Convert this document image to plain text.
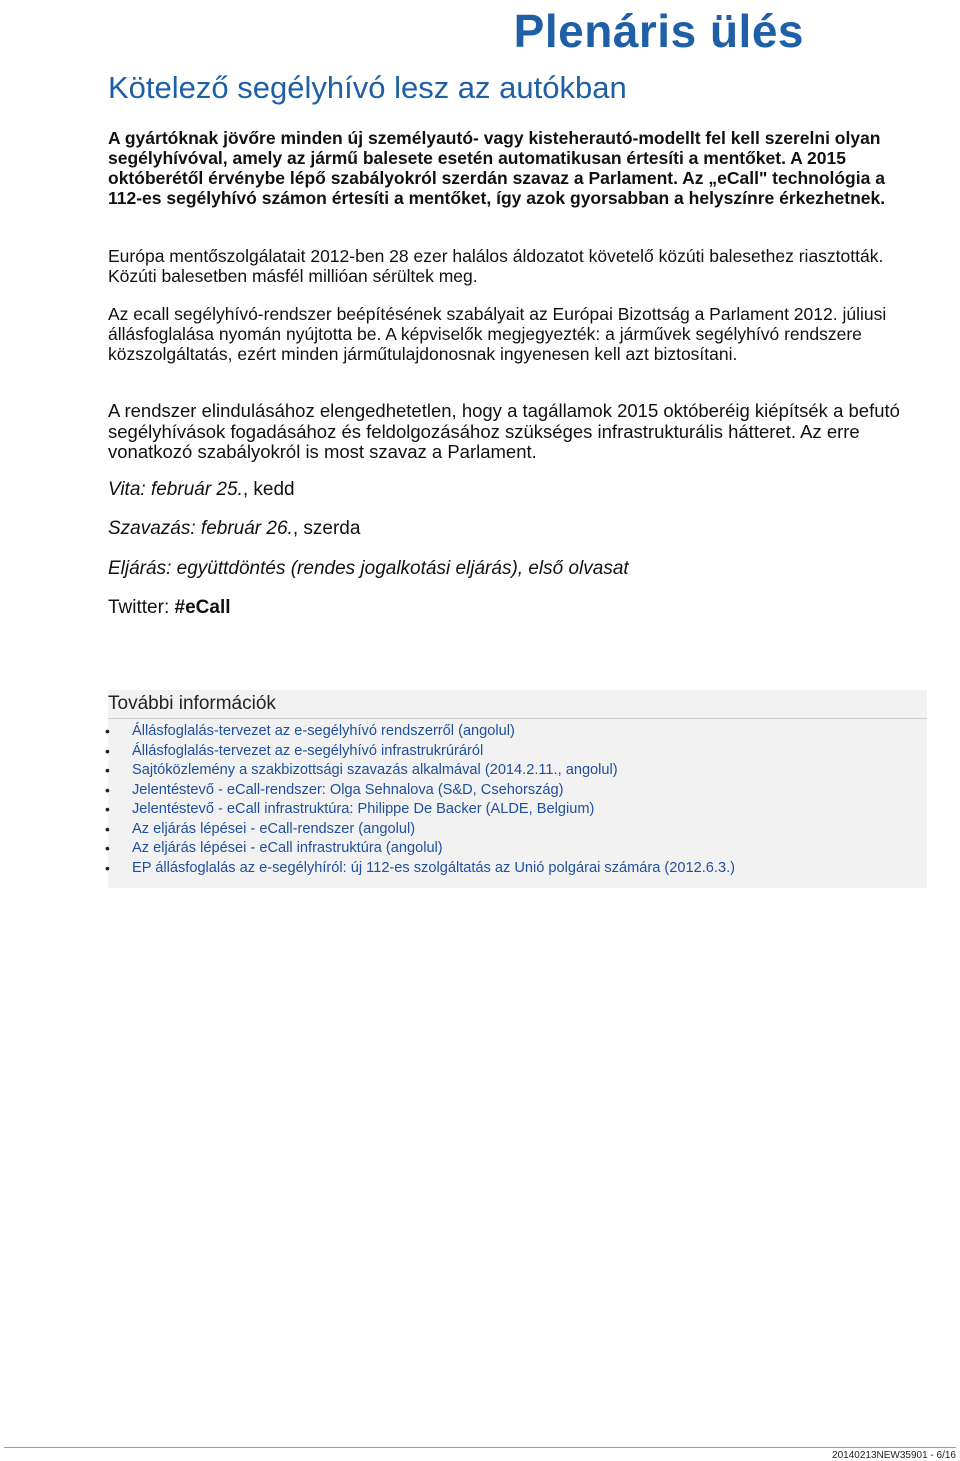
Plenáris ülés
Kötelező segélyhívó lesz az autókban

A gyártóknak jövőre minden új személyautó- vagy kisteherautó-modellt fel kell szerelni olyan segélyhívóval, amely az jármű balesete esetén automatikusan értesíti a mentőket. A 2015 októberétől érvénybe lépő szabályokról szerdán szavaz a Parlament. Az „eCall" technológia a 112-es segélyhívó számon értesíti a mentőket, így azok gyorsabban a helyszínre érkezhetnek.

Európa mentőszolgálatait 2012-ben 28 ezer halálos áldozatot követelő közúti balesethez riasztották. Közúti balesetben másfél millióan sérültek meg.

Az ecall segélyhívó-rendszer beépítésének szabályait az Európai Bizottság a Parlament 2012. júliusi állásfoglalása nyomán nyújtotta be. A képviselők megjegyezték: a járművek segélyhívó rendszere közszolgáltatás, ezért minden járműtulajdonosnak ingyenesen kell azt biztosítani.

A rendszer elindulásához elengedhetetlen, hogy a tagállamok 2015 októberéig kiépítsék a befutó segélyhívások fogadásához és feldolgozásához szükséges infrastrukturális hátteret. Az erre vonatkozó szabályokról is most szavaz a Parlament.

Vita: február 25., kedd

Szavazás: február 26., szerda

Eljárás: együttdöntés (rendes jogalkotási eljárás), első olvasat

Twitter: #eCall

További információk
• Állásfoglalás-tervezet az e-segélyhívó rendszerről (angolul)
• Állásfoglalás-tervezet az e-segélyhívó infrastrukrúráról
• Sajtóközlemény a szakbizottsági szavazás alkalmával (2014.2.11., angolul)
• Jelentéstevő - eCall-rendszer: Olga Sehnalova (S&D, Csehország)
• Jelentéstevő - eCall infrastruktúra: Philippe De Backer (ALDE, Belgium)
• Az eljárás lépései - eCall-rendszer (angolul)
• Az eljárás lépései - eCall infrastruktúra (angolul)
• EP állásfoglalás az e-segélyhíról: új 112-es szolgáltatás az Unió polgárai számára (2012.6.3.)
20140213NEW35901 - 6/16
